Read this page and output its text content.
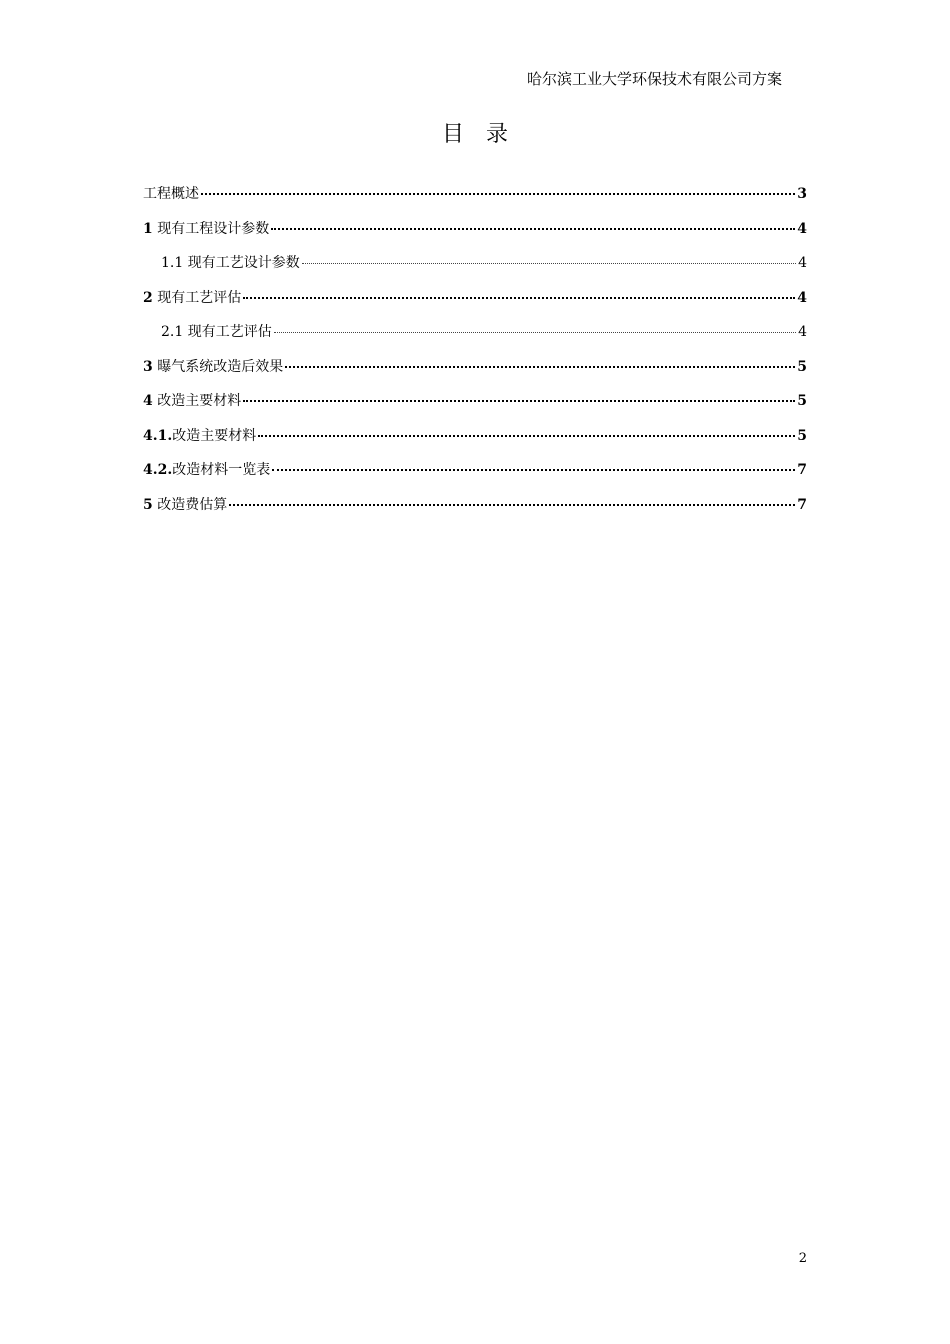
哈尔滨工业大学环保技术有限公司方案
目录
工程概述	3
1 现有工程设计参数	4
1.1 现有工艺设计参数	4
2 现有工艺评估	4
2.1 现有工艺评估	4
3 曝气系统改造后效果	5
4 改造主要材料	5
4.1.改造主要材料	5
4.2.改造材料一览表	7
5 改造费估算	7
2
